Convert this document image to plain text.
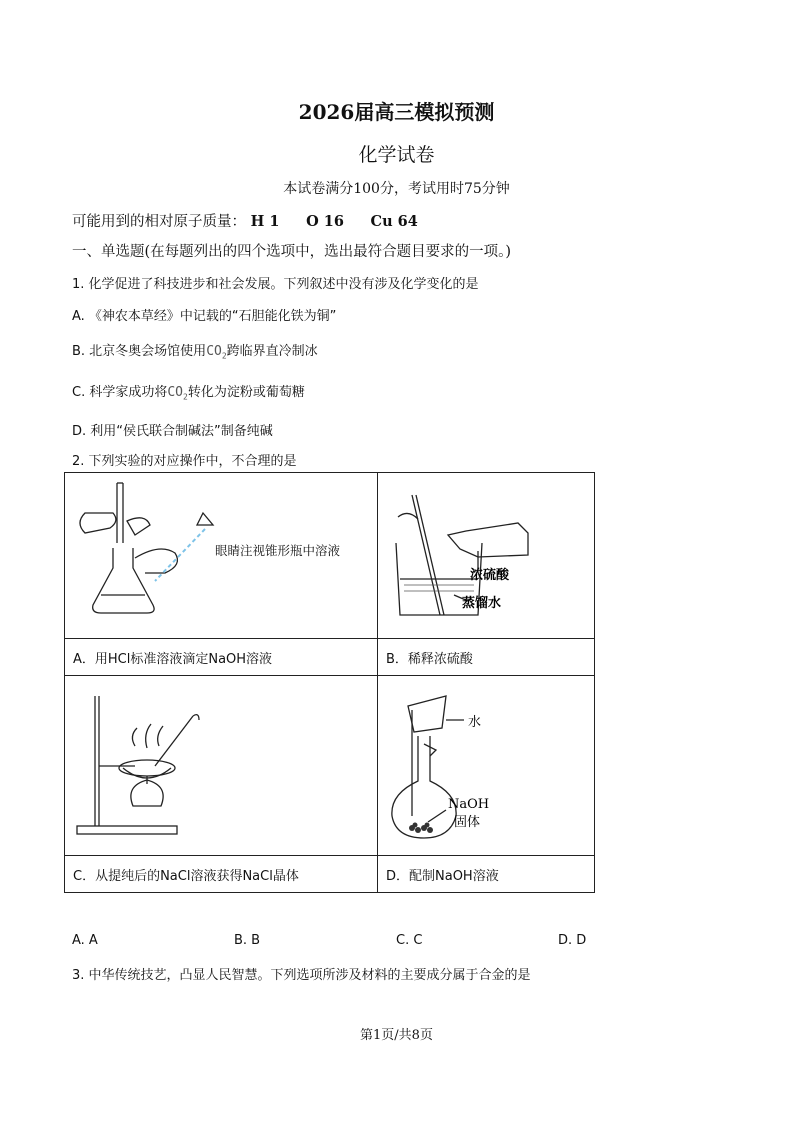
2026届高三模拟预测
化学试卷
本试卷满分100分，考试用时75分钟
可能用到的相对原子质量： H 1 O 16 Cu 64
一、单选题(在每题列出的四个选项中，选出最符合题目要求的一项。)
1. 化学促进了科技进步和社会发展。下列叙述中没有涉及化学变化的是
A. 《神农本草经》中记载的“石胆能化铁为铜”
B. 北京冬奥会场馆使用$CO_2$跨临界直冷制冰
C. 科学家成功将$CO_2$转化为淀粉或葡萄糖
D. 利用“侯氏联合制碱法”制备纯碱
2. 下列实验的对应操作中，不合理的是
眼睛注视锥形瓶中溶液	浓硫酸
蒸馏水

A．用HCl标准溶液滴定NaOH溶液	B．稀释浓硫酸

水
NaOH
固体

C．从提纯后的NaCl溶液获得NaCl晶体	D．配制NaOH溶液
A. A	B. B	C. C	D. D
3. 中华传统技艺，凸显人民智慧。下列选项所涉及材料的主要成分属于合金的是
第1页/共8页
